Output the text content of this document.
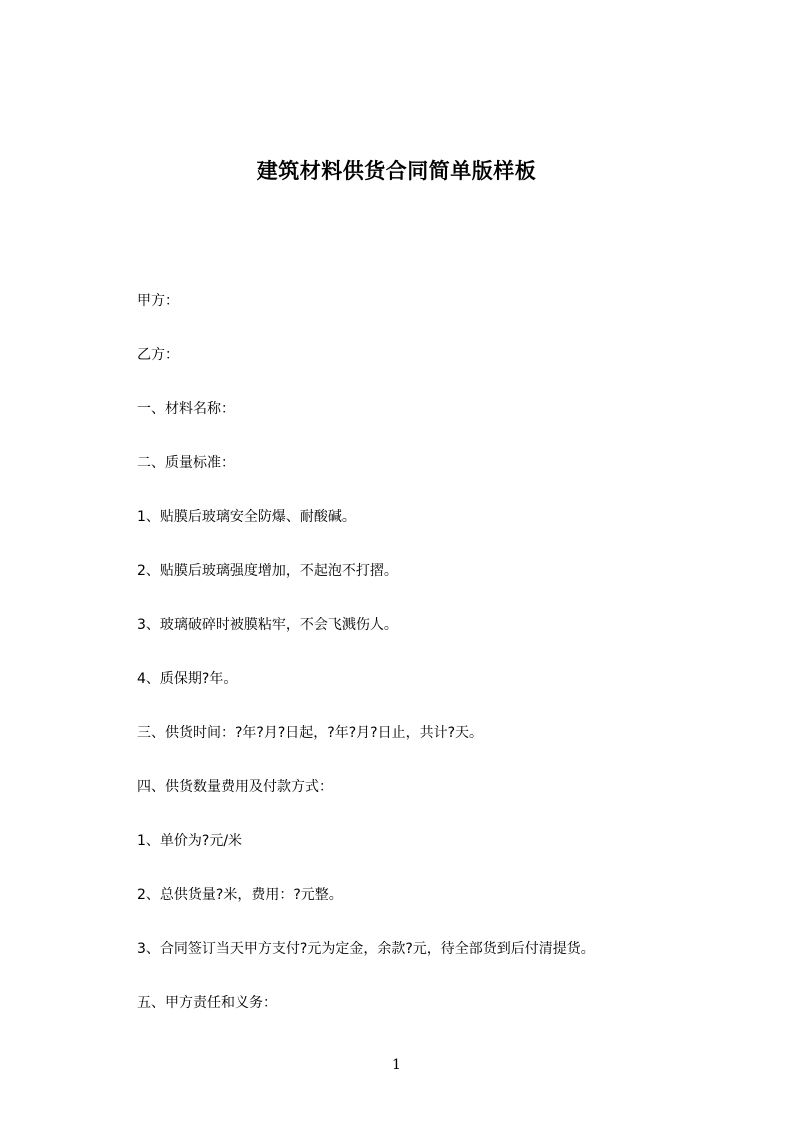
建筑材料供货合同简单版样板
甲方：
乙方：
一、材料名称：
二、质量标准：
1、贴膜后玻璃安全防爆、耐酸碱。
2、贴膜后玻璃强度增加，不起泡不打摺。
3、玻璃破碎时被膜粘牢，不会飞溅伤人。
4、质保期?年。
三、供货时间：?年?月?日起，?年?月?日止，共计?天。
四、供货数量费用及付款方式：
1、单价为?元/米
2、总供货量?米，费用：?元整。
3、合同签订当天甲方支付?元为定金，余款?元，待全部货到后付清提货。
五、甲方责任和义务：
1
